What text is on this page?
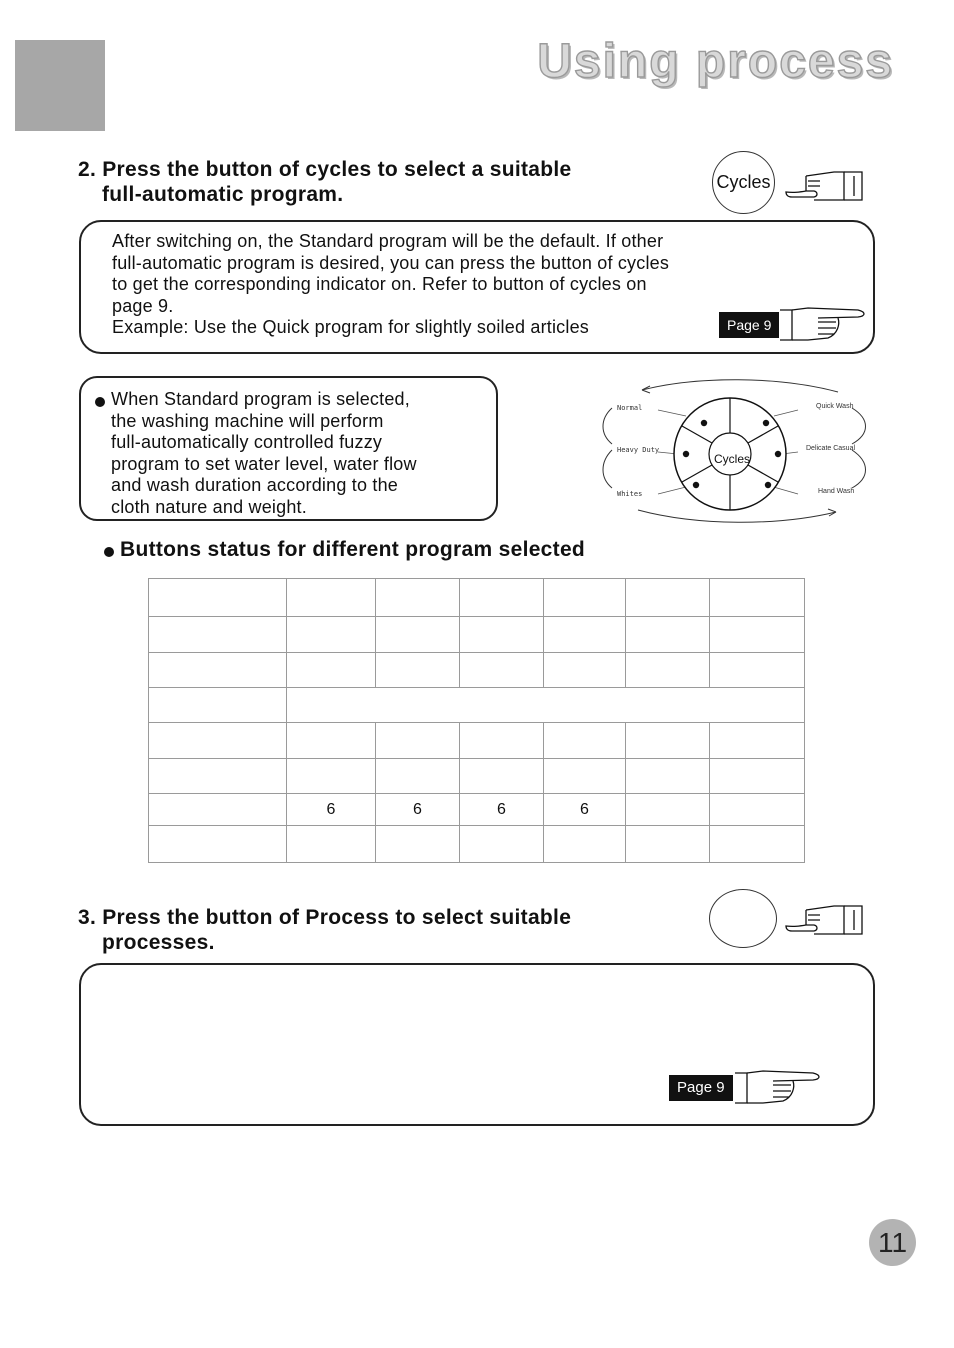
Using process
2. Press the button of cycles to select a suitable
full-automatic program.
Cycles
After switching on, the Standard program will be the default. If other
full-automatic program is desired, you can press the button of cycles
to get the corresponding indicator on. Refer to button of cycles on
page 9.
Example: Use the Quick program for slightly soiled articles	Page 9
When Standard program is selected,
the washing machine will perform
full-automatically controlled fuzzy
program to set water level, water flow
and wash duration according to the
cloth nature and weight.
Cycles
Normal
Heavy Duty
Whites
Quick Wash
Delicate Casual
Hand Wash
Buttons status for different program selected

	6	6	6	6		

3. Press the button of Process to select suitable
processes.
Page 9
11
